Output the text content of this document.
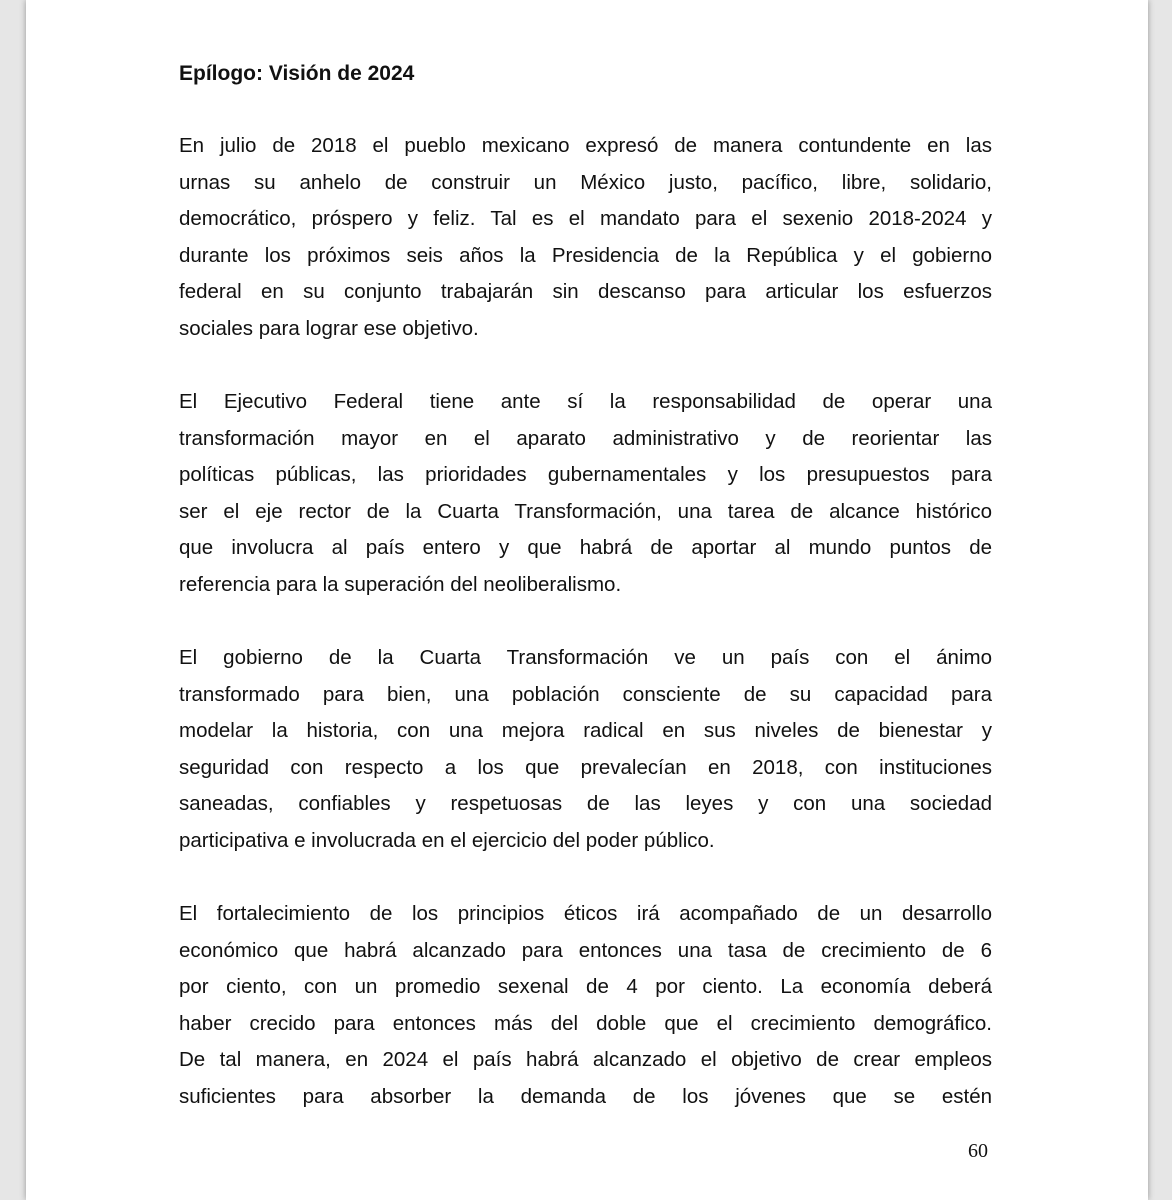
Epílogo: Visión de 2024
En julio de 2018 el pueblo mexicano expresó de manera contundente en las
urnas su anhelo de construir un México justo, pacífico, libre, solidario,
democrático, próspero y feliz. Tal es el mandato para el sexenio 2018-2024 y
durante los próximos seis años la Presidencia de la República y el gobierno
federal en su conjunto trabajarán sin descanso para articular los esfuerzos
sociales para lograr ese objetivo.
El Ejecutivo Federal tiene ante sí la responsabilidad de operar una
transformación mayor en el aparato administrativo y de reorientar las
políticas públicas, las prioridades gubernamentales y los presupuestos para
ser el eje rector de la Cuarta Transformación, una tarea de alcance histórico
que involucra al país entero y que habrá de aportar al mundo puntos de
referencia para la superación del neoliberalismo.
El gobierno de la Cuarta Transformación ve un país con el ánimo
transformado para bien, una población consciente de su capacidad para
modelar la historia, con una mejora radical en sus niveles de bienestar y
seguridad con respecto a los que prevalecían en 2018, con instituciones
saneadas, confiables y respetuosas de las leyes y con una sociedad
participativa e involucrada en el ejercicio del poder público.
El fortalecimiento de los principios éticos irá acompañado de un desarrollo
económico que habrá alcanzado para entonces una tasa de crecimiento de 6
por ciento, con un promedio sexenal de 4 por ciento. La economía deberá
haber crecido para entonces más del doble que el crecimiento demográfico.
De tal manera, en 2024 el país habrá alcanzado el objetivo de crear empleos
suficientes para absorber la demanda de los jóvenes que se estén
60
